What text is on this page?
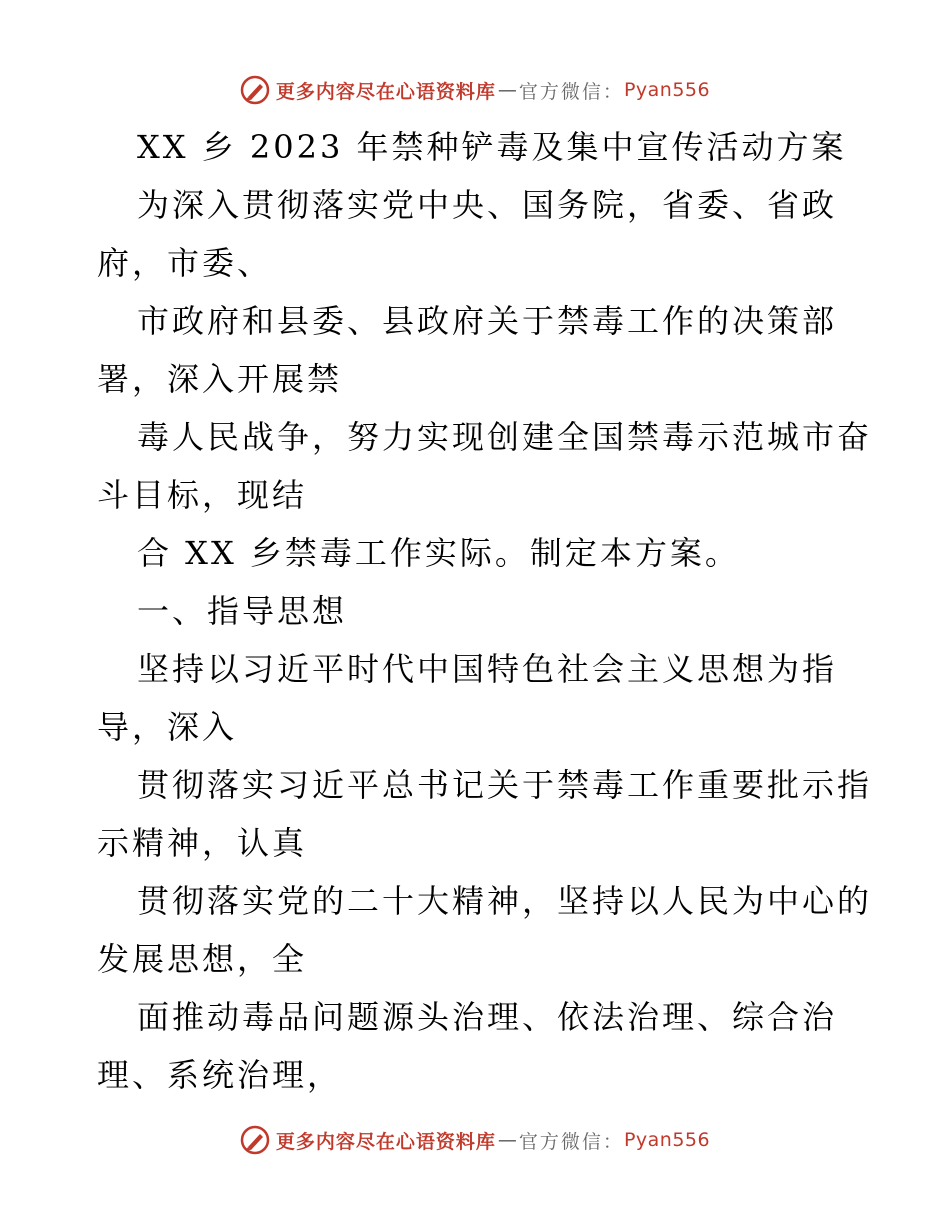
更多内容尽在心语资料库 — 官方微信： Pyan556
XX 乡 2023 年禁种铲毒及集中宣传活动方案
为深入贯彻落实党中央、国务院，省委、省政
府，市委、
市政府和县委、县政府关于禁毒工作的决策部
署，深入开展禁
毒人民战争，努力实现创建全国禁毒示范城市奋
斗目标，现结
合 XX 乡禁毒工作实际。制定本方案。
一、指导思想
坚持以习近平时代中国特色社会主义思想为指
导，深入
贯彻落实习近平总书记关于禁毒工作重要批示指
示精神，认真
贯彻落实党的二十大精神，坚持以人民为中心的
发展思想，全
面推动毒品问题源头治理、依法治理、综合治
理、系统治理，
更多内容尽在心语资料库 — 官方微信： Pyan556
